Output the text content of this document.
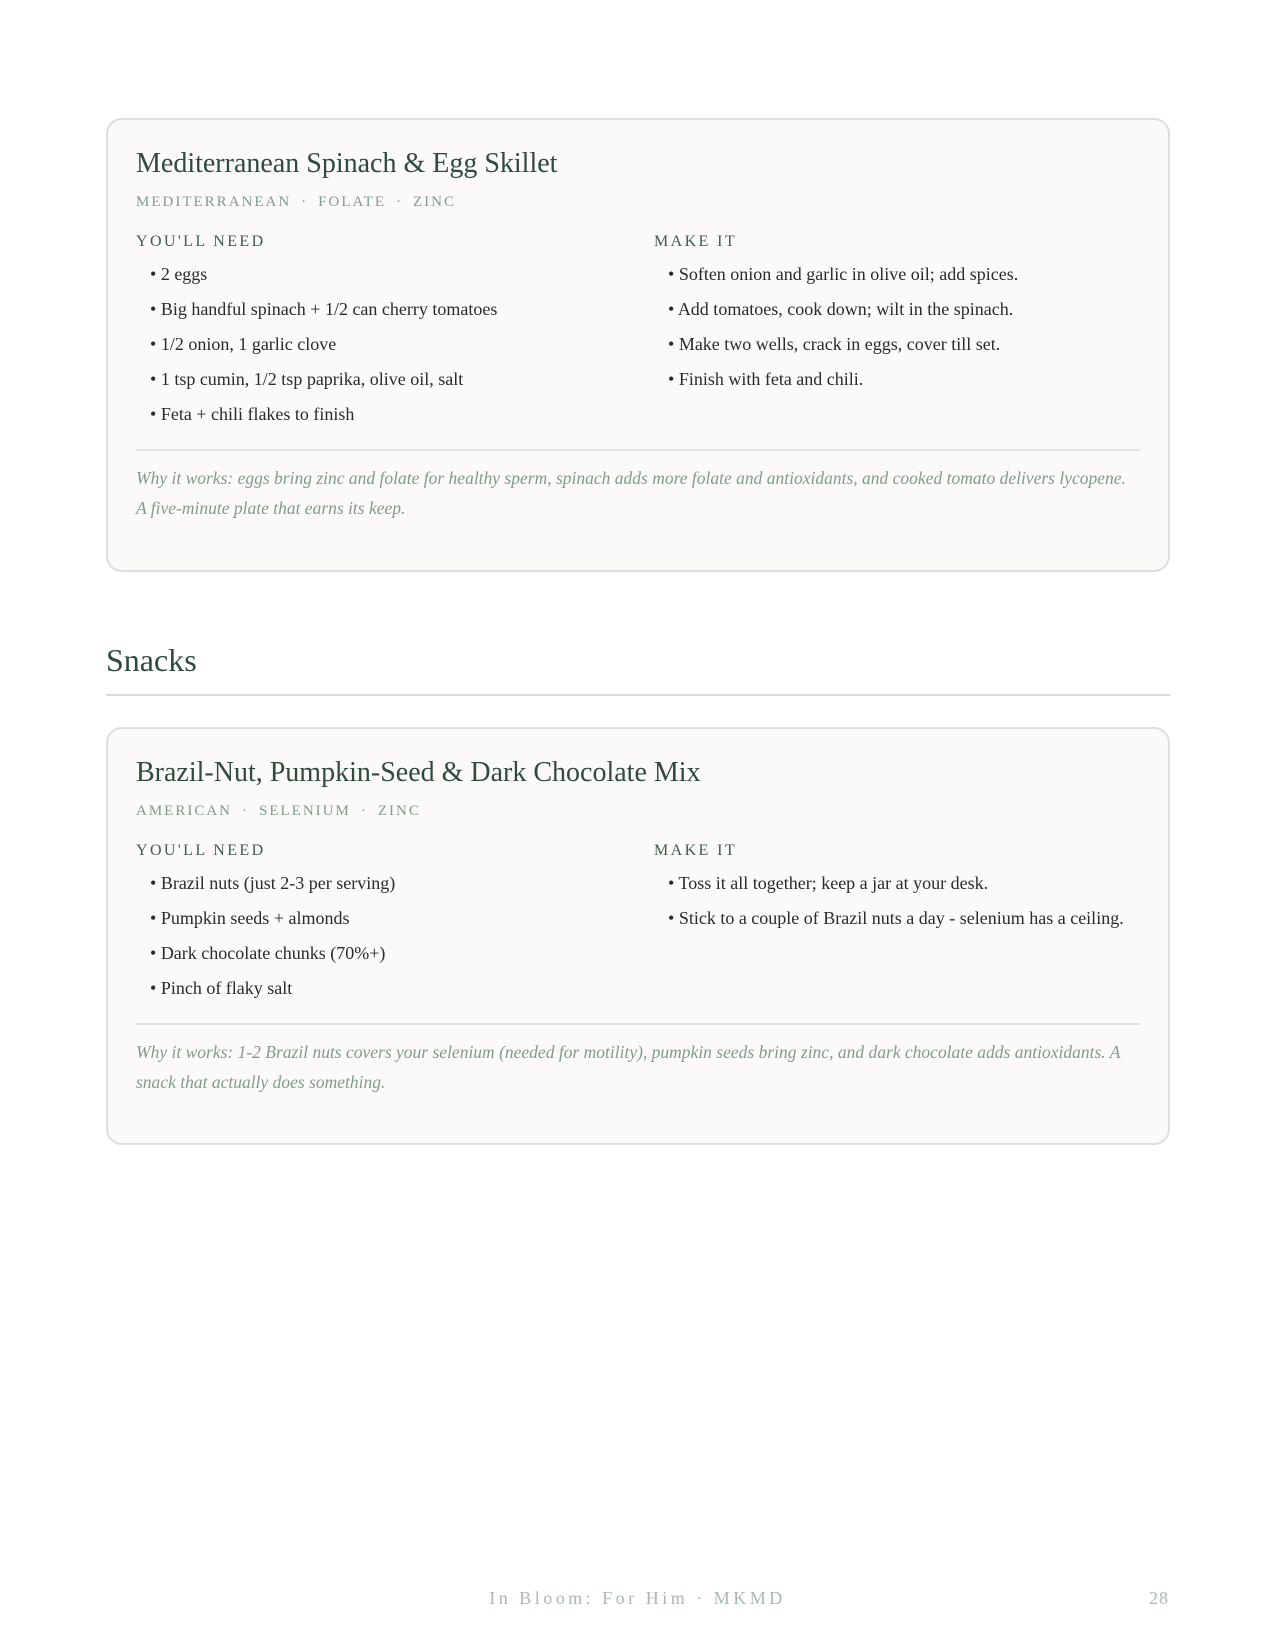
Mediterranean Spinach & Egg Skillet
MEDITERRANEAN · FOLATE · ZINC
YOU'LL NEED
• 2 eggs
• Big handful spinach + 1/2 can cherry tomatoes
• 1/2 onion, 1 garlic clove
• 1 tsp cumin, 1/2 tsp paprika, olive oil, salt
• Feta + chili flakes to finish
MAKE IT
• Soften onion and garlic in olive oil; add spices.
• Add tomatoes, cook down; wilt in the spinach.
• Make two wells, crack in eggs, cover till set.
• Finish with feta and chili.
Why it works: eggs bring zinc and folate for healthy sperm, spinach adds more folate and antioxidants, and cooked tomato delivers lycopene. A five-minute plate that earns its keep.
Snacks
Brazil-Nut, Pumpkin-Seed & Dark Chocolate Mix
AMERICAN · SELENIUM · ZINC
YOU'LL NEED
• Brazil nuts (just 2-3 per serving)
• Pumpkin seeds + almonds
• Dark chocolate chunks (70%+)
• Pinch of flaky salt
MAKE IT
• Toss it all together; keep a jar at your desk.
• Stick to a couple of Brazil nuts a day - selenium has a ceiling.
Why it works: 1-2 Brazil nuts covers your selenium (needed for motility), pumpkin seeds bring zinc, and dark chocolate adds antioxidants. A snack that actually does something.
In Bloom: For Him · MKMD	28
